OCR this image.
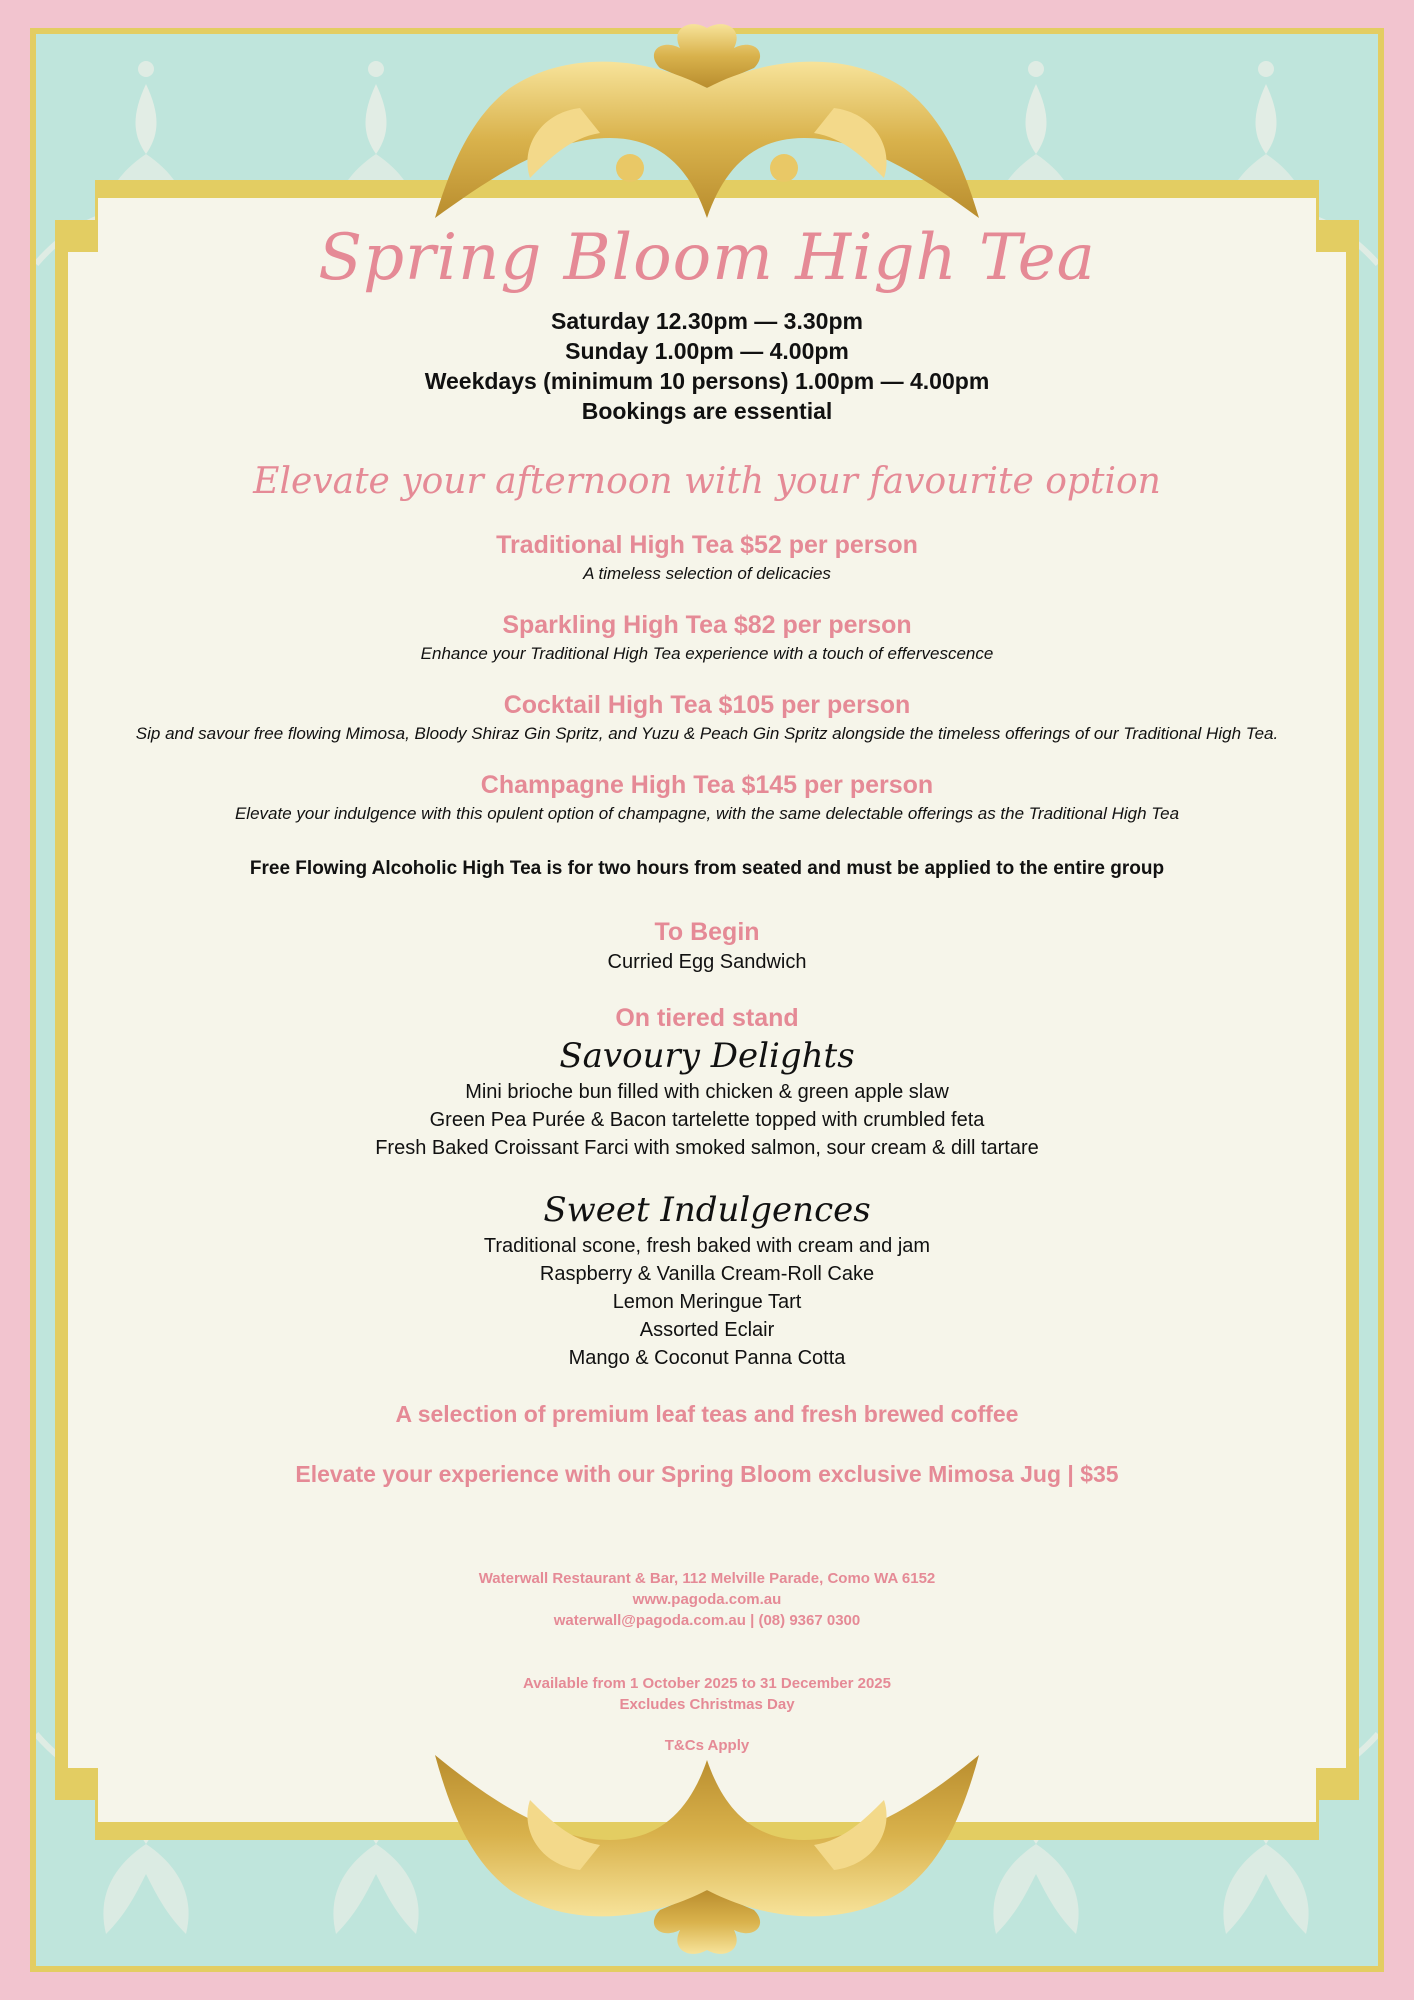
Spring Bloom High Tea
Saturday 12.30pm — 3.30pm
Sunday 1.00pm — 4.00pm
Weekdays (minimum 10 persons) 1.00pm — 4.00pm
Bookings are essential
Elevate your afternoon with your favourite option
Traditional High Tea $52 per person
A timeless selection of delicacies
Sparkling High Tea $82 per person
Enhance your Traditional High Tea experience with a touch of effervescence
Cocktail High Tea $105 per person
Sip and savour free flowing Mimosa, Bloody Shiraz Gin Spritz, and Yuzu & Peach Gin Spritz alongside the timeless offerings of our Traditional High Tea.
Champagne High Tea $145 per person
Elevate your indulgence with this opulent option of champagne, with the same delectable offerings as the Traditional High Tea
Free Flowing Alcoholic High Tea is for two hours from seated and must be applied to the entire group
To Begin
Curried Egg Sandwich
On tiered stand
Savoury Delights
Mini brioche bun filled with chicken & green apple slaw
Green Pea Purée & Bacon tartelette topped with crumbled feta
Fresh Baked Croissant Farci with smoked salmon, sour cream & dill tartare
Sweet Indulgences
Traditional scone, fresh baked with cream and jam
Raspberry & Vanilla Cream-Roll Cake
Lemon Meringue Tart
Assorted Eclair
Mango & Coconut Panna Cotta
A selection of premium leaf teas and fresh brewed coffee
Elevate your experience with our Spring Bloom exclusive Mimosa Jug | $35
Waterwall Restaurant & Bar, 112 Melville Parade, Como WA 6152
www.pagoda.com.au
waterwall@pagoda.com.au | (08) 9367 0300
Available from 1 October 2025 to 31 December 2025
Excludes Christmas Day
T&Cs Apply
